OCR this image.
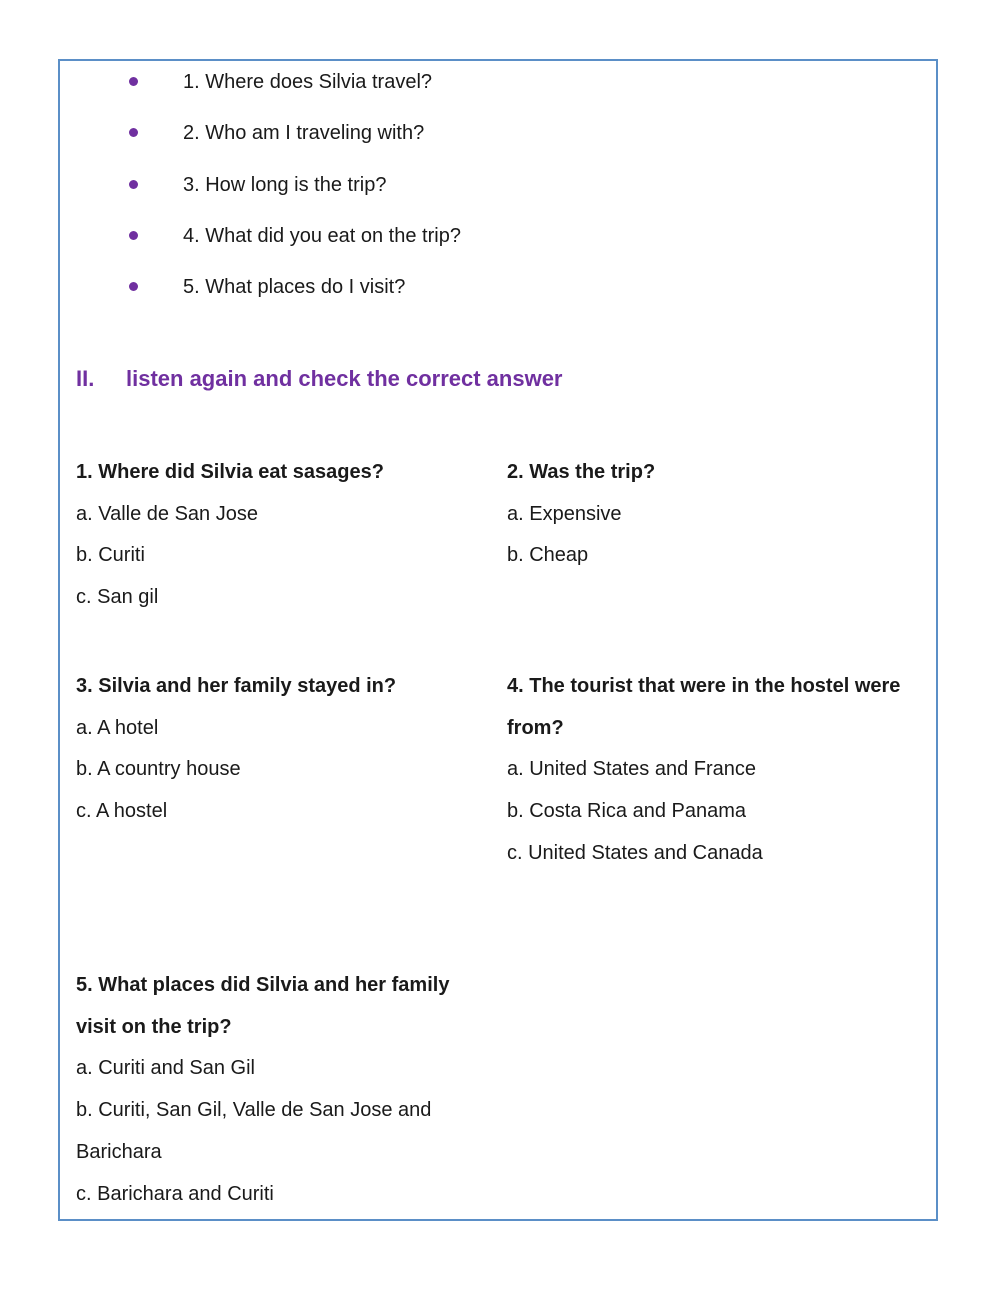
1. Where does Silvia travel?
2. Who am I traveling with?
3. How long is the trip?
4. What did you eat on the trip?
5. What places do I visit?
II. listen again and check the correct answer
1. Where did Silvia eat sasages?
a. Valle de San Jose
b. Curiti
c. San gil
2. Was the trip?
a. Expensive
b. Cheap
3. Silvia and her family stayed in?
a. A hotel
b. A country house
c. A hostel
4. The tourist that were in the hostel were
from?
a. United States and France
b. Costa Rica and Panama
c. United States and Canada
5. What places did Silvia and her family
visit on the trip?
a. Curiti and San Gil
b. Curiti, San Gil, Valle de San Jose and
Barichara
c. Barichara and Curiti
